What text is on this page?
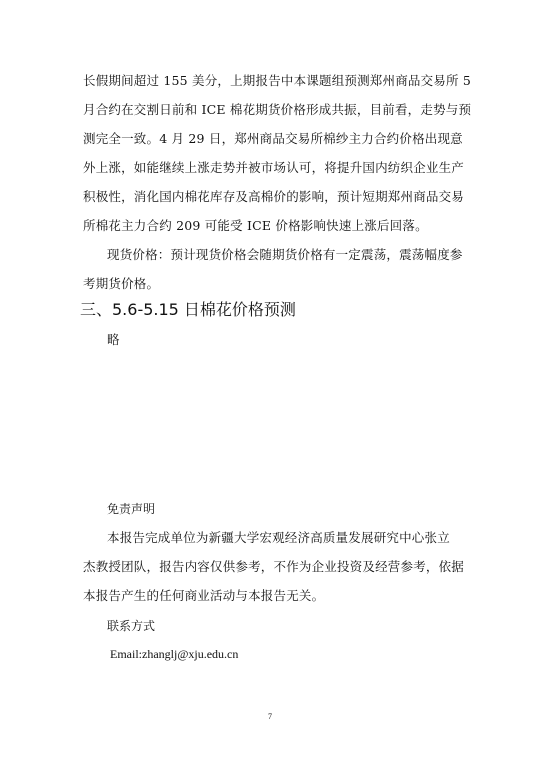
长假期间超过 155 美分，上期报告中本课题组预测郑州商品交易所 5
月合约在交割日前和 ICE 棉花期货价格形成共振，目前看，走势与预
测完全一致。4 月 29 日，郑州商品交易所棉纱主力合约价格出现意
外上涨，如能继续上涨走势并被市场认可，将提升国内纺织企业生产
积极性，消化国内棉花库存及高棉价的影响，预计短期郑州商品交易
所棉花主力合约 209 可能受 ICE 价格影响快速上涨后回落。
现货价格：预计现货价格会随期货价格有一定震荡，震荡幅度参
考期货价格。
三、5.6-5.15 日棉花价格预测
略
免责声明
本报告完成单位为新疆大学宏观经济高质量发展研究中心张立
杰教授团队，报告内容仅供参考，不作为企业投资及经营参考，依据
本报告产生的任何商业活动与本报告无关。
联系方式
Email:zhanglj@xju.edu.cn
7
